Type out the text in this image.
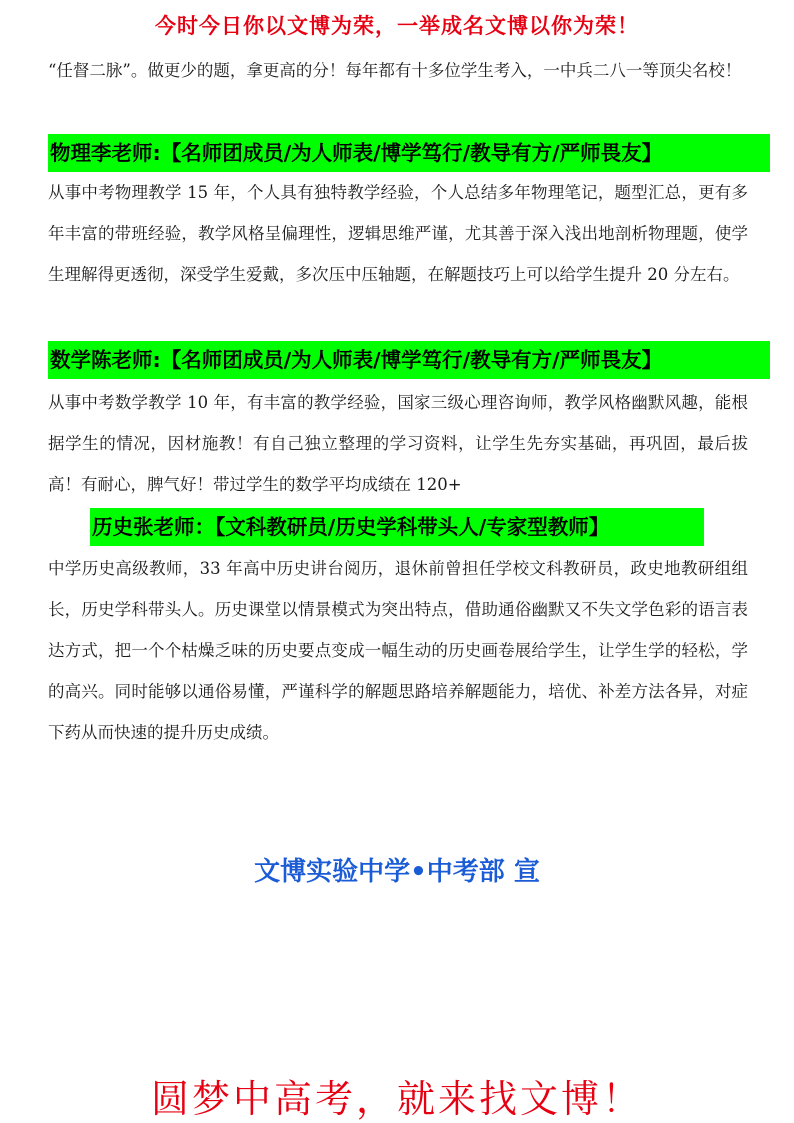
今时今日你以文博为荣，一举成名文博以你为荣！
“任督二脉”。做更少的题，拿更高的分！每年都有十多位学生考入，一中兵二八一等顶尖名校！
物理李老师:【名师团成员/为人师表/博学笃行/教导有方/严师畏友】
从事中考物理教学 15 年，个人具有独特教学经验，个人总结多年物理笔记，题型汇总，更有多年丰富的带班经验，教学风格呈偏理性，逻辑思维严谨，尤其善于深入浅出地剖析物理题，使学生理解得更透彻，深受学生爱戴，多次压中压轴题，在解题技巧上可以给学生提升 20 分左右。
数学陈老师:【名师团成员/为人师表/博学笃行/教导有方/严师畏友】
从事中考数学教学 10 年，有丰富的教学经验，国家三级心理咨询师，教学风格幽默风趣，能根据学生的情况，因材施教！有自己独立整理的学习资料，让学生先夯实基础，再巩固，最后拔高！有耐心，脾气好！带过学生的数学平均成绩在 120+
历史张老师：【文科教研员/历史学科带头人/专家型教师】
中学历史高级教师，33 年高中历史讲台阅历，退休前曾担任学校文科教研员，政史地教研组组长，历史学科带头人。历史课堂以情景模式为突出特点，借助通俗幽默又不失文学色彩的语言表达方式，把一个个枯燥乏味的历史要点变成一幅生动的历史画卷展给学生，让学生学的轻松，学的高兴。同时能够以通俗易懂，严谨科学的解题思路培养解题能力，培优、补差方法各异，对症下药从而快速的提升历史成绩。
文博实验中学•中考部 宣
圆梦中高考，就来找文博！
